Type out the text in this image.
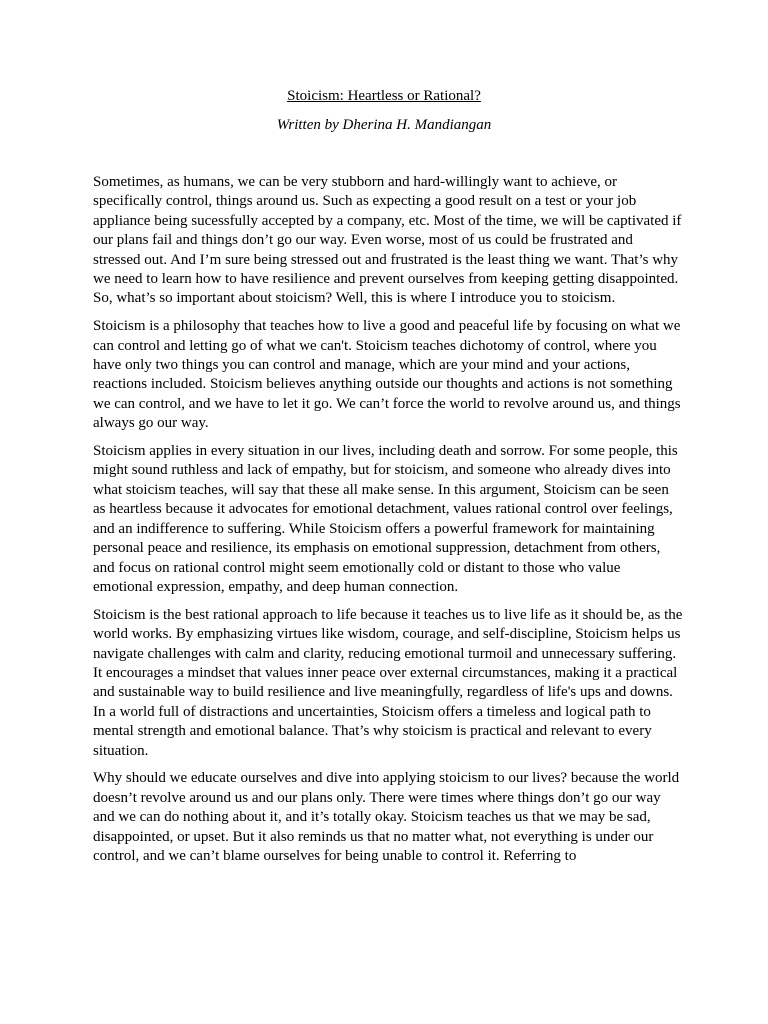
Stoicism: Heartless or Rational?
Written by Dherina H. Mandiangan

Sometimes, as humans, we can be very stubborn and hard-willingly want to achieve, or specifically control, things around us. Such as expecting a good result on a test or your job appliance being sucessfully accepted by a company, etc. Most of the time, we will be captivated if our plans fail and things don’t go our way. Even worse, most of us could be frustrated and stressed out. And I’m sure being stressed out and frustrated is the least thing we want. That’s why we need to learn how to have resilience and prevent ourselves from keeping getting disappointed. So, what’s so important about stoicism? Well, this is where I introduce you to stoicism.

Stoicism is a philosophy that teaches how to live a good and peaceful life by focusing on what we can control and letting go of what we can't. Stoicism teaches dichotomy of control, where you have only two things you can control and manage, which are your mind and your actions, reactions included. Stoicism believes anything outside our thoughts and actions is not something we can control, and we have to let it go. We can’t force the world to revolve around us, and things always go our way.

Stoicism applies in every situation in our lives, including death and sorrow. For some people, this might sound ruthless and lack of empathy, but for stoicism, and someone who already dives into what stoicism teaches, will say that these all make sense. In this argument, Stoicism can be seen as heartless because it advocates for emotional detachment, values rational control over feelings, and an indifference to suffering. While Stoicism offers a powerful framework for maintaining personal peace and resilience, its emphasis on emotional suppression, detachment from others, and focus on rational control might seem emotionally cold or distant to those who value emotional expression, empathy, and deep human connection.

Stoicism is the best rational approach to life because it teaches us to live life as it should be, as the world works. By emphasizing virtues like wisdom, courage, and self-discipline, Stoicism helps us navigate challenges with calm and clarity, reducing emotional turmoil and unnecessary suffering. It encourages a mindset that values inner peace over external circumstances, making it a practical and sustainable way to build resilience and live meaningfully, regardless of life's ups and downs. In a world full of distractions and uncertainties, Stoicism offers a timeless and logical path to mental strength and emotional balance. That’s why stoicism is practical and relevant to every situation.

Why should we educate ourselves and dive into applying stoicism to our lives? because the world doesn’t revolve around us and our plans only. There were times where things don’t go our way and we can do nothing about it, and it’s totally okay. Stoicism teaches us that we may be sad, disappointed, or upset. But it also reminds us that no matter what, not everything is under our control, and we can’t blame ourselves for being unable to control it. Referring to
